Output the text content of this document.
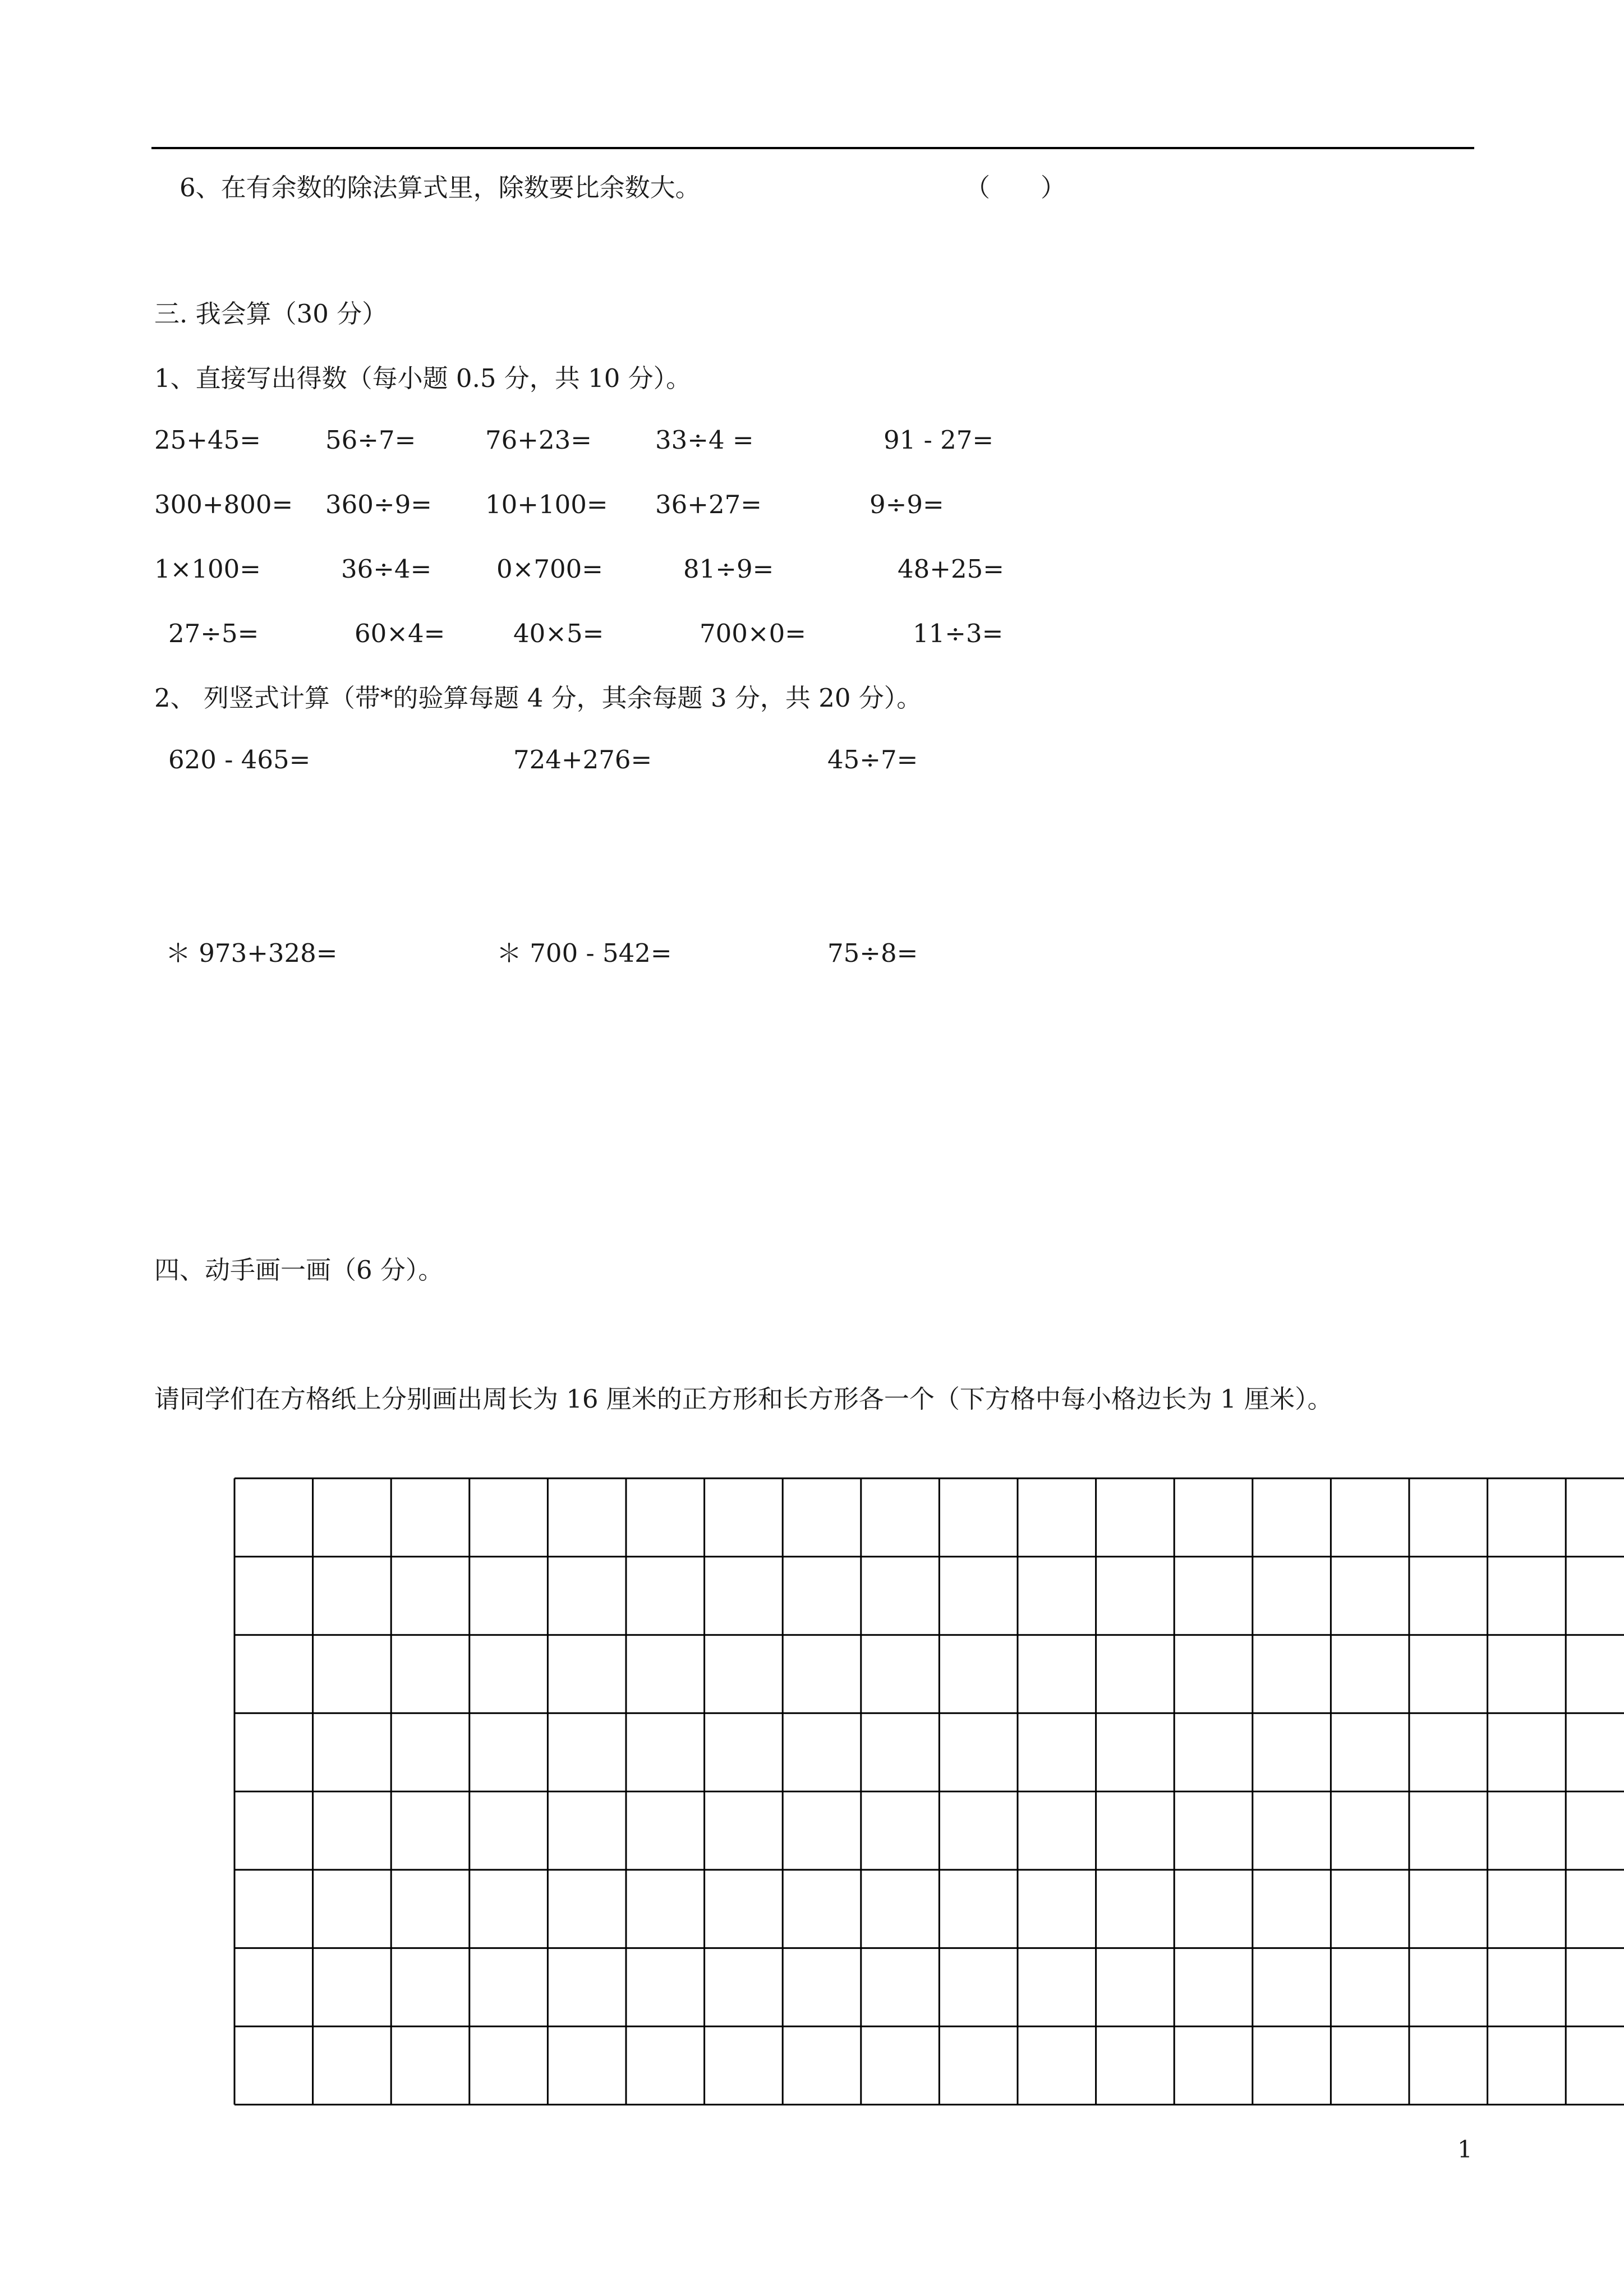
6、在有余数的除法算式里，除数要比余数大。	（　　）
三. 我会算（30 分）
1、直接写出得数（每小题 0.5 分，共 10 分）。
25+45=	56÷7=	76+23=	33÷4 =	91 - 27=
300+800= 360÷9= 10+100= 36+27=	9÷9=
1×100=	36÷4=	0×700=	81÷9=	48+25=
27÷5=	60×4=	40×5=	700×0=	11÷3=
2、 列竖式计算（带*的验算每题 4 分，其余每题 3 分，共 20 分）。
620 - 465=	724+276=	45÷7=
＊ 973+328=	＊ 700 - 542=	75÷8=
四、动手画一画（6 分）。
请同学们在方格纸上分别画出周长为 16 厘米的正方形和长方形各一个（下方格中每小格边长为 1 厘米）。
1
